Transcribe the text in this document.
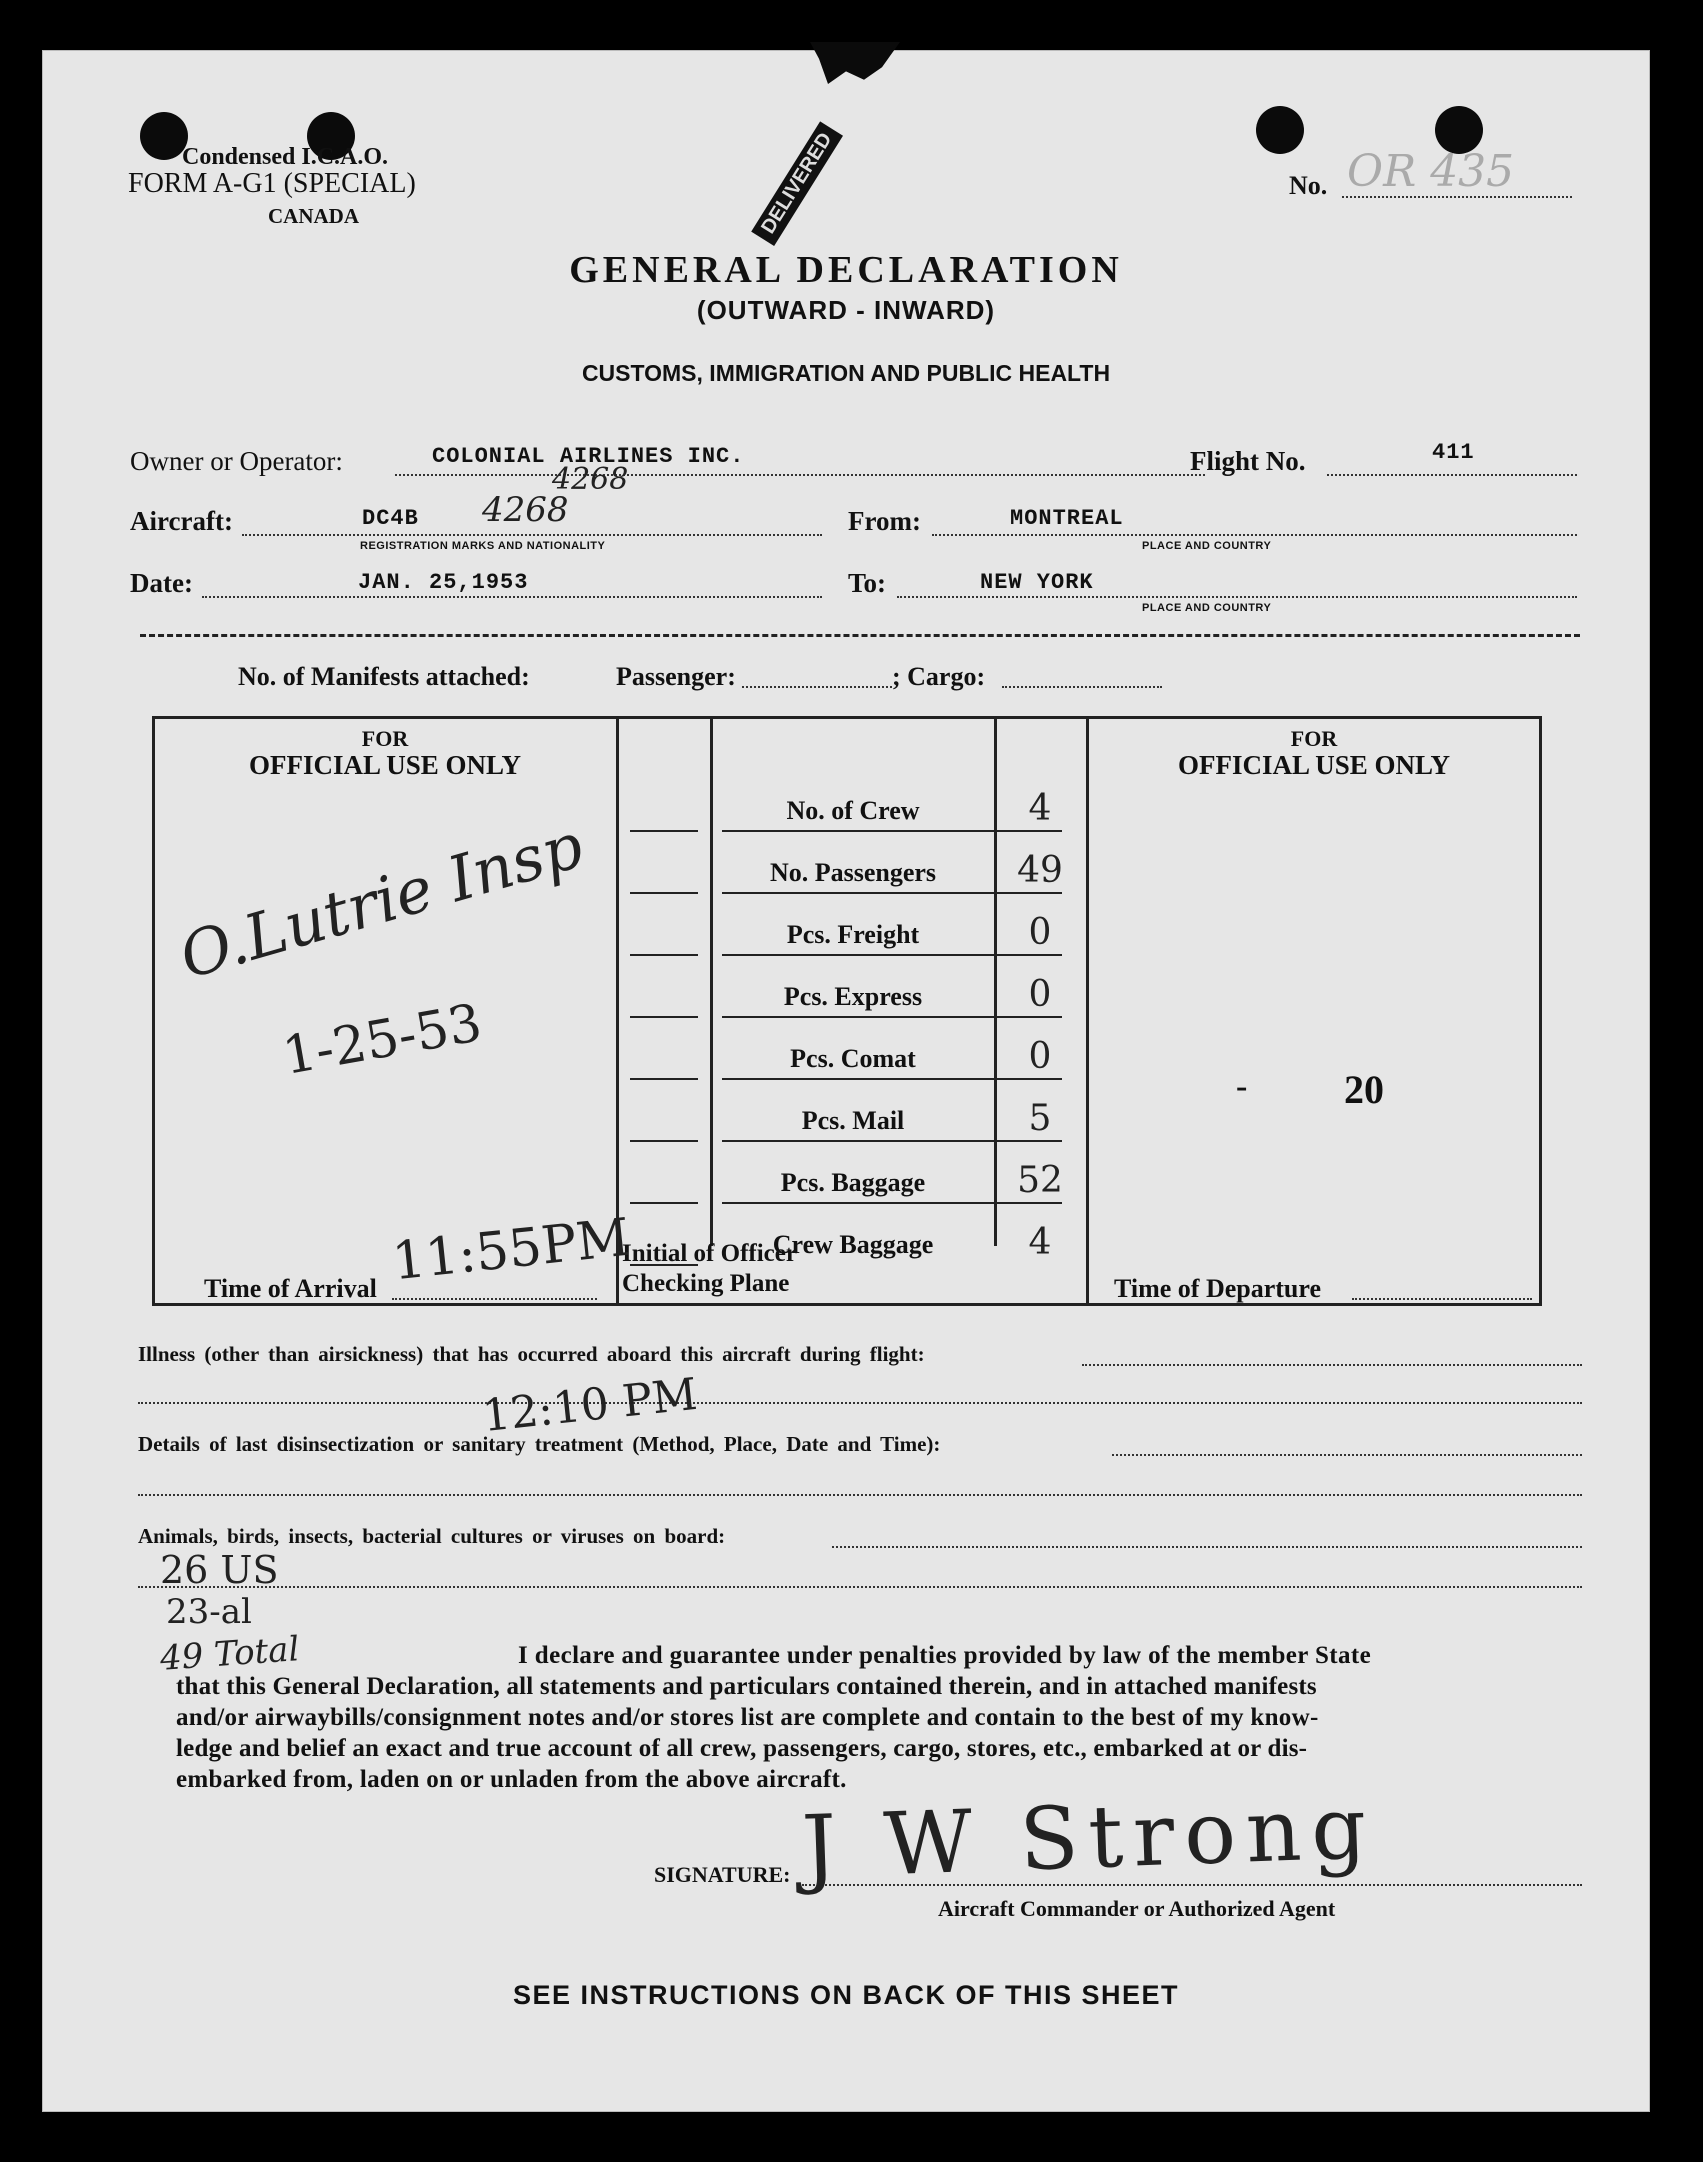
Condensed I.C.A.O.
FORM A-G1 (SPECIAL)
CANADA
No. OR 435
DELIVERED
GENERAL DECLARATION
(OUTWARD - INWARD)
CUSTOMS, IMMIGRATION AND PUBLIC HEALTH
Owner or Operator:	COLONIAL AIRLINES INC.	Flight No.	411
Aircraft:	DC4B 4268
4268
REGISTRATION MARKS AND NATIONALITY
From:	MONTREAL
PLACE AND COUNTRY
Date:	JAN. 25,1953	To:	NEW YORK
PLACE AND COUNTRY
No. of Manifests attached:	Passenger:	; Cargo:
FOR
OFFICIAL USE ONLY
FOR
OFFICIAL USE ONLY
No. of Crew	4
No. Passengers	49
Pcs. Freight	0
Pcs. Express	0
Pcs. Comat	0
Pcs. Mail	5
Pcs. Baggage	52
Crew Baggage	4
Initial of Officer
Checking Plane
Time of Arrival 11:55PM	Time of Departure
O.Lutrie Insp
1-25-53
20
-
Illness (other than airsickness) that has occurred aboard this aircraft during flight:
12:10 PM
Details of last disinsectization or sanitary treatment (Method, Place, Date and Time):
Animals, birds, insects, bacterial cultures or viruses on board:
26 US
23-al
49 Total	I declare and guarantee under penalties provided by law of the member State
that this General Declaration, all statements and particulars contained therein, and in attached manifests
and/or airwaybills/consignment notes and/or stores list are complete and contain to the best of my know-
ledge and belief an exact and true account of all crew, passengers, cargo, stores, etc., embarked at or dis-
embarked from, laden on or unladen from the above aircraft.
SIGNATURE: J W Strong
Aircraft Commander or Authorized Agent
SEE INSTRUCTIONS ON BACK OF THIS SHEET
